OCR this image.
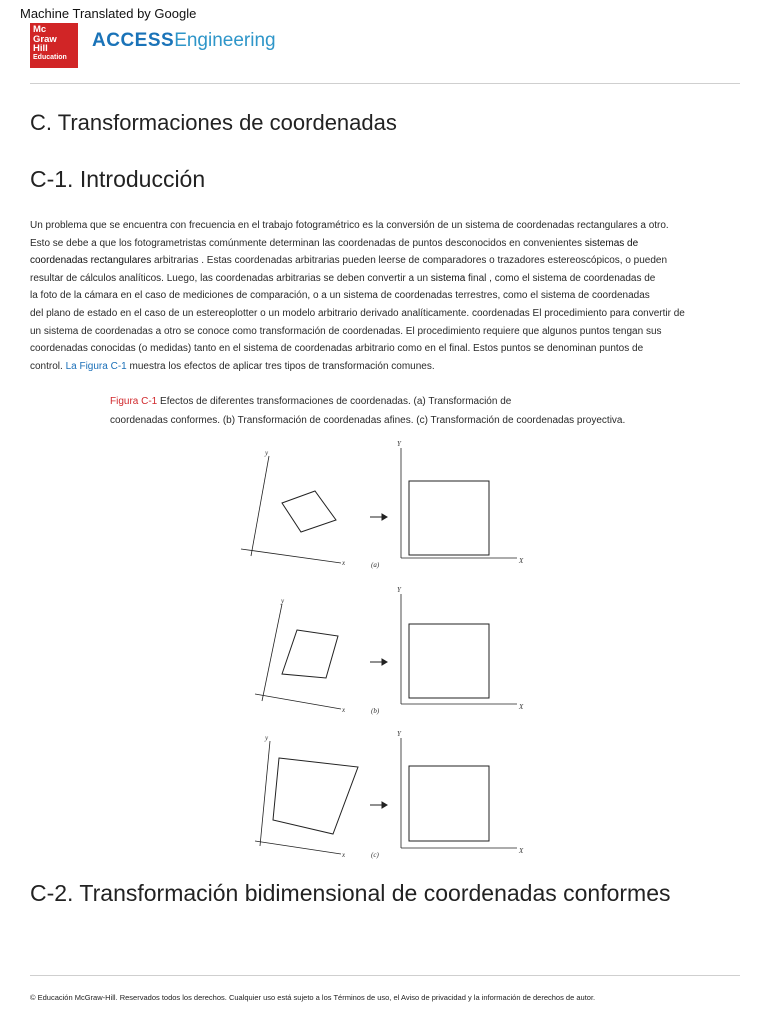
Machine Translated by Google
Mc
Graw
Hill
Education
ACCESSEngineering
C. Transformaciones de coordenadas
C-1. Introducción
Un problema que se encuentra con frecuencia en el trabajo fotogramétrico es la conversión de un sistema de coordenadas rectangulares a otro.
Esto se debe a que los fotogrametristas comúnmente determinan las coordenadas de puntos desconocidos en convenientes sistemas de
coordenadas rectangulares arbitrarias . Estas coordenadas arbitrarias pueden leerse de comparadores o trazadores estereoscópicos, o pueden
resultar de cálculos analíticos. Luego, las coordenadas arbitrarias se deben convertir a un sistema final , como el sistema de coordenadas de
la foto de la cámara en el caso de mediciones de comparación, o a un sistema de coordenadas terrestres, como el sistema de coordenadas
del plano de estado en el caso de un estereoplotter o un modelo arbitrario derivado analíticamente. coordenadas El procedimiento para convertir de
un sistema de coordenadas a otro se conoce como transformación de coordenadas. El procedimiento requiere que algunos puntos tengan sus
coordenadas conocidas (o medidas) tanto en el sistema de coordenadas arbitrario como en el final. Estos puntos se denominan puntos de
control. La Figura C-1 muestra los efectos de aplicar tres tipos de transformación comunes.
Figura C-1 Efectos de diferentes transformaciones de coordenadas. (a) Transformación de
coordenadas conformes. (b) Transformación de coordenadas afines. (c) Transformación de coordenadas proyectiva.
y
x
Y
X
(a)
y
x
Y
X
(b)
y
x
Y
X
(c)
C-2. Transformación bidimensional de coordenadas conformes
© Educación McGraw-Hill. Reservados todos los derechos. Cualquier uso está sujeto a los Términos de uso, el Aviso de privacidad y la información de derechos de autor.
